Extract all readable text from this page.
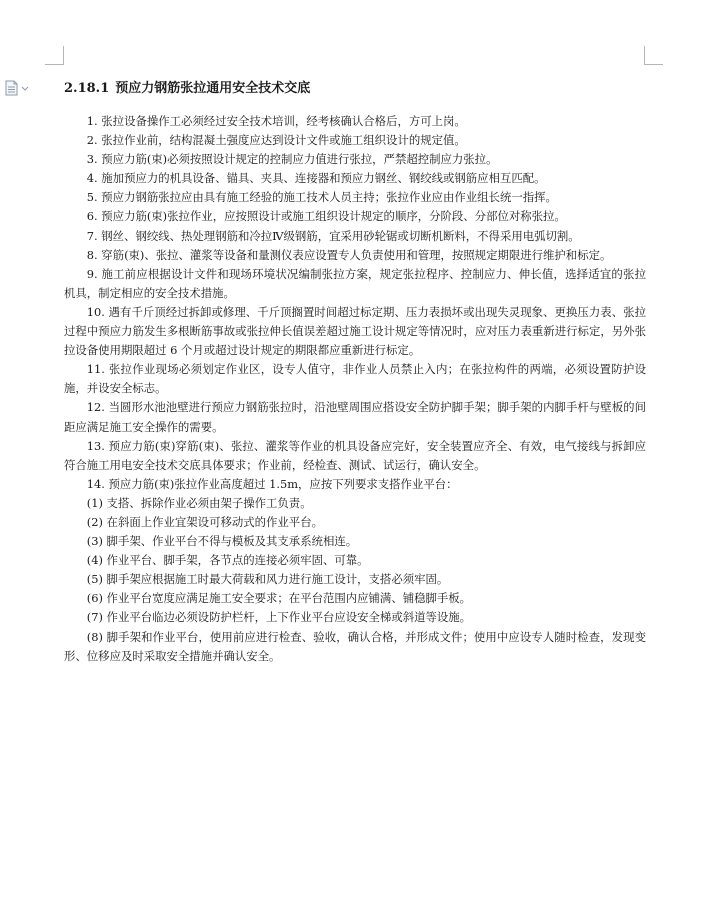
2.18.1 预应力钢筋张拉通用安全技术交底

1. 张拉设备操作工必须经过安全技术培训，经考核确认合格后，方可上岗。

2. 张拉作业前，结构混凝土强度应达到设计文件或施工组织设计的规定值。

3. 预应力筋(束)必须按照设计规定的控制应力值进行张拉，严禁超控制应力张拉。

4. 施加预应力的机具设备、锚具、夹具、连接器和预应力钢丝、钢绞线或钢筋应相互匹配。

5. 预应力钢筋张拉应由具有施工经验的施工技术人员主持；张拉作业应由作业组长统一指挥。

6. 预应力筋(束)张拉作业，应按照设计或施工组织设计规定的顺序，分阶段、分部位对称张拉。

7. 钢丝、钢绞线、热处理钢筋和冷拉Ⅳ级钢筋，宜采用砂轮锯或切断机断料，不得采用电弧切割。

8. 穿筋(束)、张拉、灌浆等设备和量测仪表应设置专人负责使用和管理，按照规定期限进行维护和标定。

9. 施工前应根据设计文件和现场环境状况编制张拉方案，规定张拉程序、控制应力、伸长值，选择适宜的张拉机具，制定相应的安全技术措施。

10. 遇有千斤顶经过拆卸或修理、千斤顶搁置时间超过标定期、压力表损坏或出现失灵现象、更换压力表、张拉过程中预应力筋发生多根断筋事故或张拉伸长值误差超过施工设计规定等情况时，应对压力表重新进行标定，另外张拉设备使用期限超过 6 个月或超过设计规定的期限都应重新进行标定。

11. 张拉作业现场必须划定作业区，设专人值守，非作业人员禁止入内；在张拉构件的两端，必须设置防护设施，并设安全标志。

12. 当圆形水池池壁进行预应力钢筋张拉时，沿池壁周围应搭设安全防护脚手架；脚手架的内脚手杆与壁板的间距应满足施工安全操作的需要。

13. 预应力筋(束)穿筋(束)、张拉、灌浆等作业的机具设备应完好，安全装置应齐全、有效，电气接线与拆卸应符合施工用电安全技术交底具体要求；作业前，经检查、测试、试运行，确认安全。

14. 预应力筋(束)张拉作业高度超过 1.5m，应按下列要求支搭作业平台：

(1) 支搭、拆除作业必须由架子操作工负责。

(2) 在斜面上作业宜架设可移动式的作业平台。

(3) 脚手架、作业平台不得与模板及其支承系统相连。

(4) 作业平台、脚手架，各节点的连接必须牢固、可靠。

(5) 脚手架应根据施工时最大荷载和风力进行施工设计，支搭必须牢固。

(6) 作业平台宽度应满足施工安全要求；在平台范围内应铺满、铺稳脚手板。

(7) 作业平台临边必须设防护栏杆，上下作业平台应设安全梯或斜道等设施。

(8) 脚手架和作业平台，使用前应进行检查、验收，确认合格，并形成文件；使用中应设专人随时检查，发现变形、位移应及时采取安全措施并确认安全。
